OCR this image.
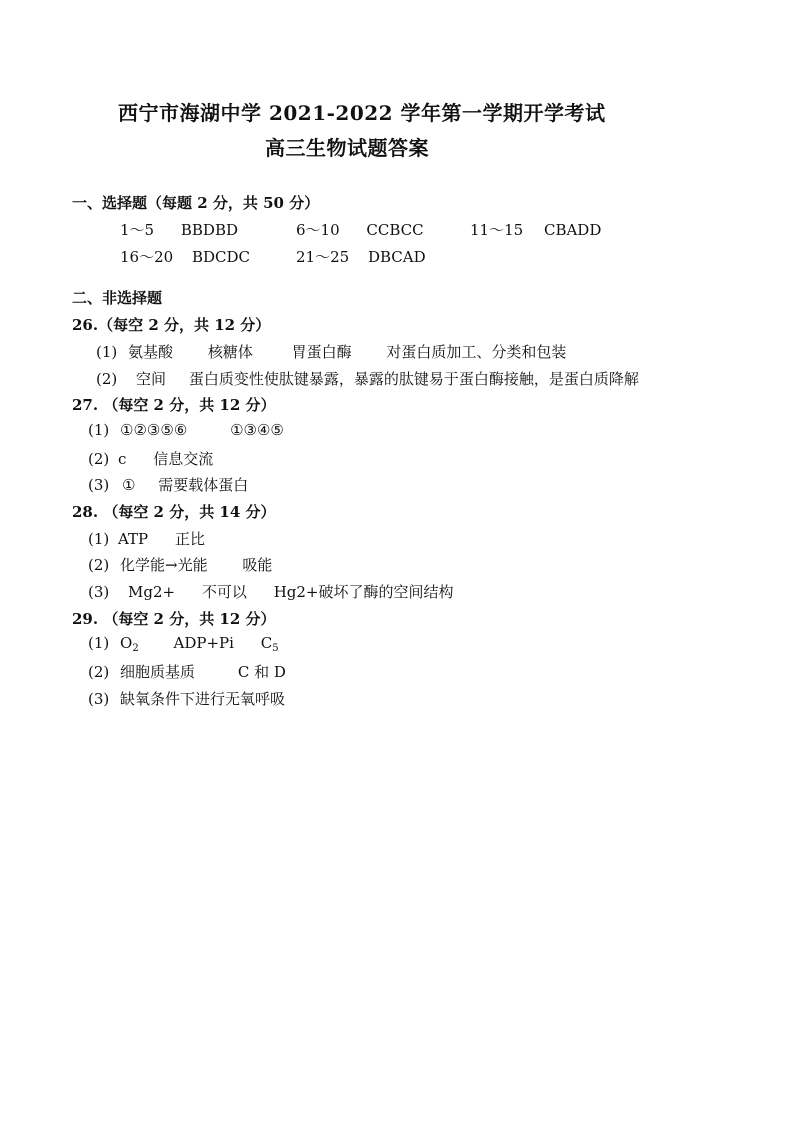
西宁市海湖中学 2021-2022 学年第一学期开学考试
高三生物试题答案
一、选择题（每题 2 分，共 50 分）
1～5 BBDBD	6～10 CCBCC	11～15 CBADD
16～20 BDCDC	21～25 DBCAD
二、非选择题
26.（每空 2 分，共 12 分）
(1) 氨基酸 核糖体	胃蛋白酶 对蛋白质加工、分类和包装
(2) 空间 蛋白质变性使肽键暴露，暴露的肽键易于蛋白酶接触，是蛋白质降解
27. （每空 2 分，共 12 分）
(1) ①②③⑤⑥	①③④⑤
(2) c 信息交流
(3) ① 需要载体蛋白
28. （每空 2 分，共 14 分）
(1) ATP 正比
(2) 化学能→光能 吸能
(3) Mg2+ 不可以 Hg2+破坏了酶的空间结构
29. （每空 2 分，共 12 分）
(1) $O_2$ ADP+Pi $C_5$
(2) 细胞质基质	C 和 D
(3) 缺氧条件下进行无氧呼吸
